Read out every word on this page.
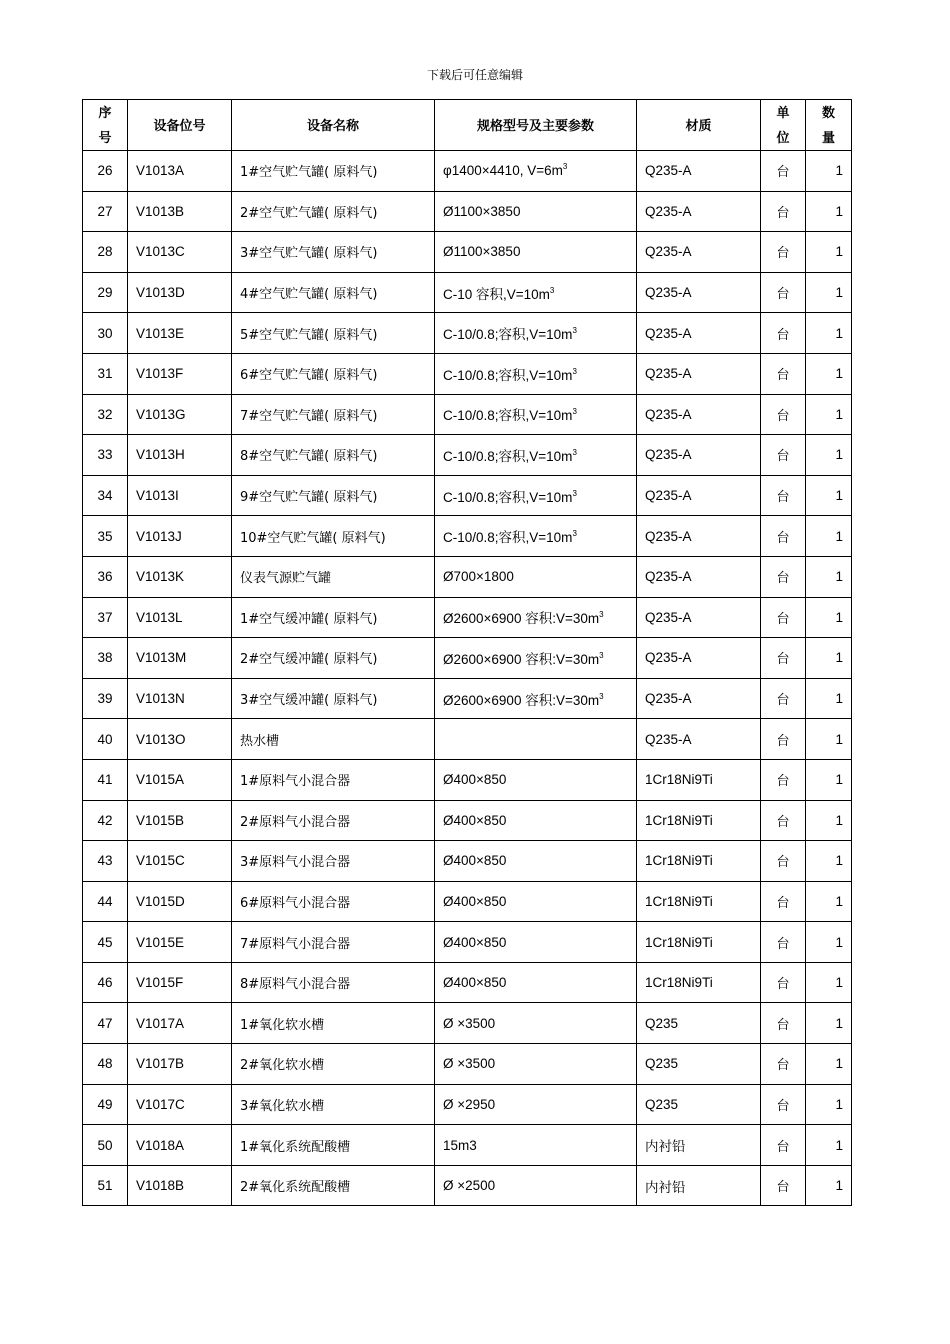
下载后可任意编辑
序号	设备位号	设备名称	规格型号及主要参数	材质	单位	数量
26	V1013A	1#空气贮气罐( 原料气)	φ1400×4410, $V=6m^3$	Q235-A	台	1
27	V1013B	2#空气贮气罐( 原料气)	Ø1100×3850	Q235-A	台	1
28	V1013C	3#空气贮气罐( 原料气)	Ø1100×3850	Q235-A	台	1
29	V1013D	4#空气贮气罐( 原料气)	C-10 容积$,V=10m^3$	Q235-A	台	1
30	V1013E	5#空气贮气罐( 原料气)	C-10/0.8;容积$,V=10m^3$	Q235-A	台	1
31	V1013F	6#空气贮气罐( 原料气)	C-10/0.8;容积$,V=10m^3$	Q235-A	台	1
32	V1013G	7#空气贮气罐( 原料气)	C-10/0.8;容积$,V=10m^3$	Q235-A	台	1
33	V1013H	8#空气贮气罐( 原料气)	C-10/0.8;容积$,V=10m^3$	Q235-A	台	1
34	V1013I	9#空气贮气罐( 原料气)	C-10/0.8;容积$,V=10m^3$	Q235-A	台	1
35	V1013J	10#空气贮气罐( 原料气)	C-10/0.8;容积$,V=10m^3$	Q235-A	台	1
36	V1013K	仪表气源贮气罐	Ø700×1800	Q235-A	台	1
37	V1013L	1#空气缓冲罐( 原料气)	Ø2600×6900 容积$:V=30m^3$	Q235-A	台	1
38	V1013M	2#空气缓冲罐( 原料气)	Ø2600×6900 容积$:V=30m^3$	Q235-A	台	1
39	V1013N	3#空气缓冲罐( 原料气)	Ø2600×6900 容积$:V=30m^3$	Q235-A	台	1
40	V1013O	热水槽		Q235-A	台	1
41	V1015A	1#原料气小混合器	Ø400×850	1Cr18Ni9Ti	台	1
42	V1015B	2#原料气小混合器	Ø400×850	1Cr18Ni9Ti	台	1
43	V1015C	3#原料气小混合器	Ø400×850	1Cr18Ni9Ti	台	1
44	V1015D	6#原料气小混合器	Ø400×850	1Cr18Ni9Ti	台	1
45	V1015E	7#原料气小混合器	Ø400×850	1Cr18Ni9Ti	台	1
46	V1015F	8#原料气小混合器	Ø400×850	1Cr18Ni9Ti	台	1
47	V1017A	1#氧化软水槽	Ø ×3500	Q235	台	1
48	V1017B	2#氧化软水槽	Ø ×3500	Q235	台	1
49	V1017C	3#氧化软水槽	Ø ×2950	Q235	台	1
50	V1018A	1#氧化系统配酸槽	15m3	内衬铅	台	1
51	V1018B	2#氧化系统配酸槽	Ø ×2500	内衬铅	台	1
